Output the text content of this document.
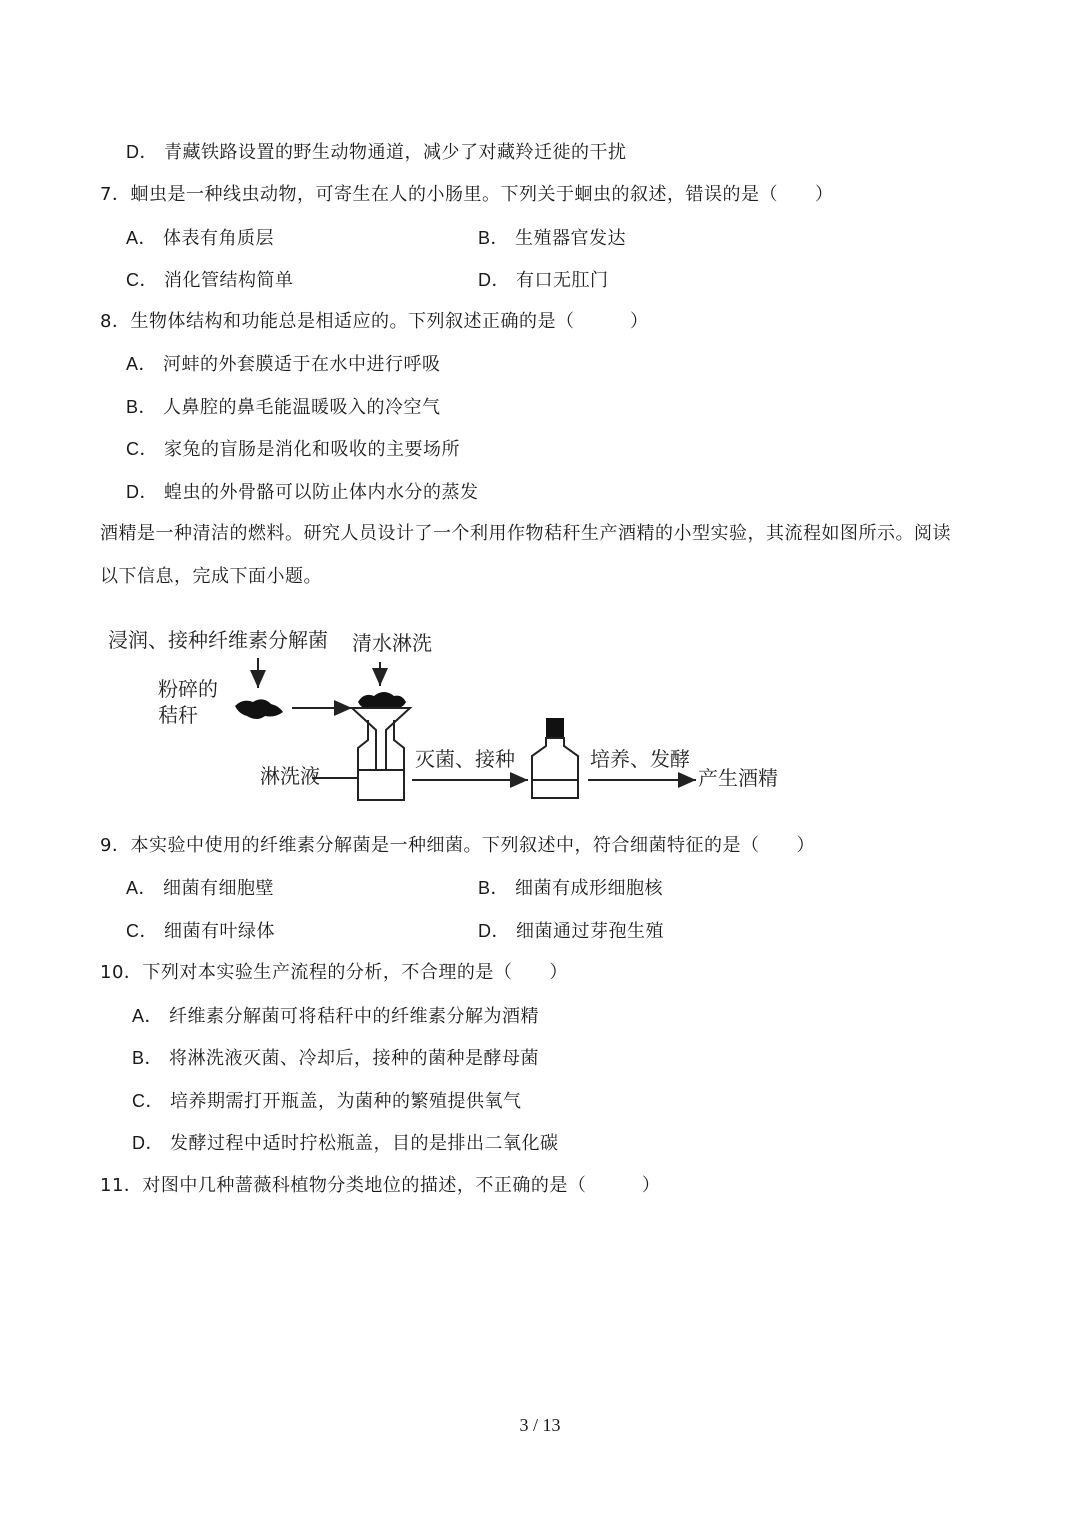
D． 青藏铁路设置的野生动物通道，减少了对藏羚迁徙的干扰
7．蛔虫是一种线虫动物，可寄生在人的小肠里。下列关于蛔虫的叙述，错误的是（　　）
A． 体表有角质层	B． 生殖器官发达
C． 消化管结构简单	D． 有口无肛门
8．生物体结构和功能总是相适应的。下列叙述正确的是（　　　）
A． 河蚌的外套膜适于在水中进行呼吸
B． 人鼻腔的鼻毛能温暖吸入的冷空气
C． 家兔的盲肠是消化和吸收的主要场所
D． 蝗虫的外骨骼可以防止体内水分的蒸发
酒精是一种清洁的燃料。研究人员设计了一个利用作物秸秆生产酒精的小型实验，其流程如图所示。阅读
以下信息，完成下面小题。
浸润、接种纤维素分解菌 清水淋洗
粉碎的
秸秆
淋洗液
灭菌、接种	培养、发酵
产生酒精
9．本实验中使用的纤维素分解菌是一种细菌。下列叙述中，符合细菌特征的是（　　）
A． 细菌有细胞壁	B． 细菌有成形细胞核
C． 细菌有叶绿体	D． 细菌通过芽孢生殖
10．下列对本实验生产流程的分析，不合理的是（　　）
A． 纤维素分解菌可将秸秆中的纤维素分解为酒精
B． 将淋洗液灭菌、冷却后，接种的菌种是酵母菌
C． 培养期需打开瓶盖，为菌种的繁殖提供氧气
D． 发酵过程中适时拧松瓶盖，目的是排出二氧化碳
11．对图中几种蔷薇科植物分类地位的描述，不正确的是（　　　）
3 / 13
